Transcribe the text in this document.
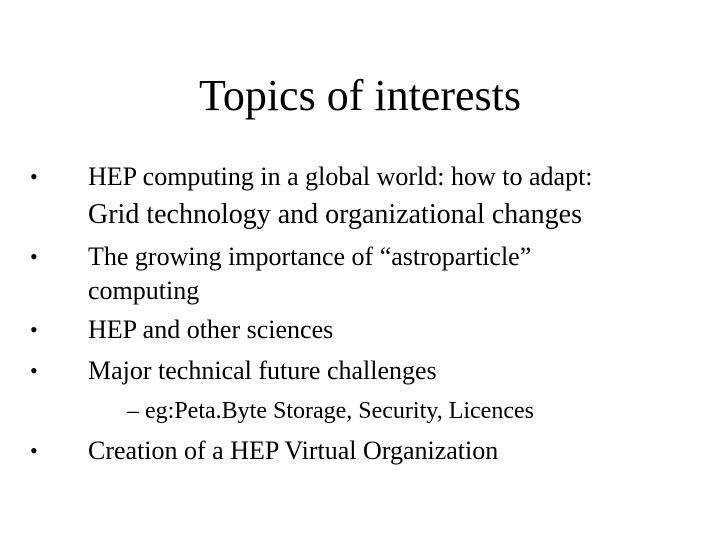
Topics of interests
•	HEP computing in a global world: how to adapt:
Grid technology and organizational changes
•	The growing importance of “astroparticle”
computing
•	HEP and other sciences
•	Major technical future challenges
– eg:Peta.Byte Storage, Security, Licences
•	Creation of a HEP Virtual Organization
